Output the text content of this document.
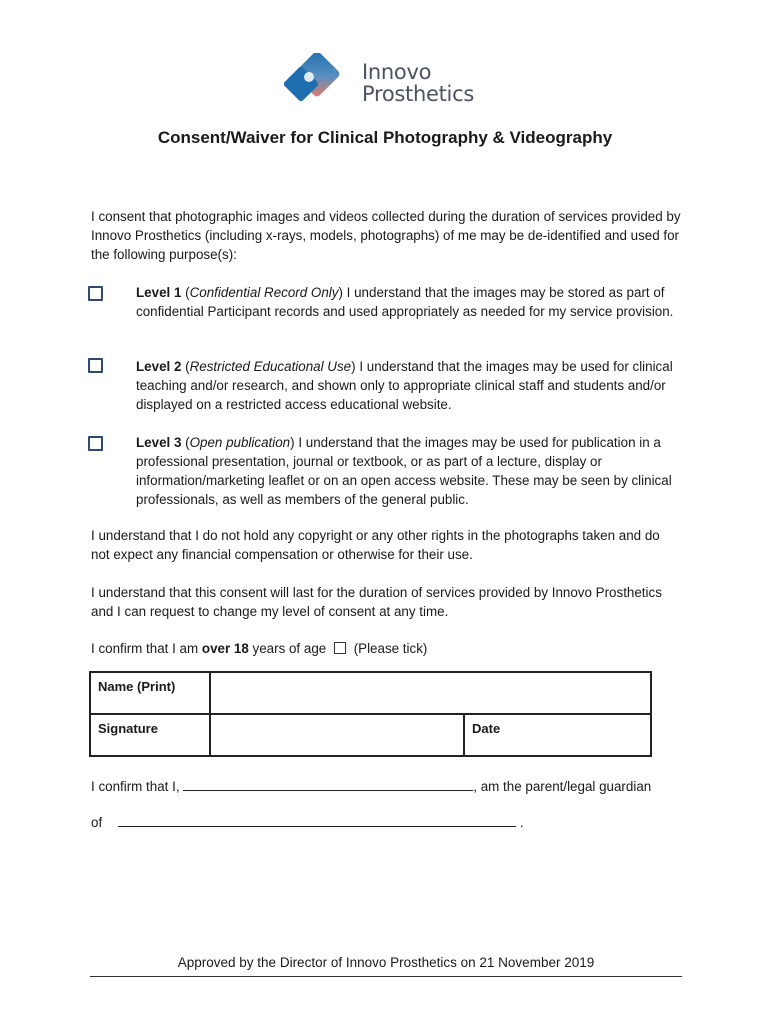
Innovo
Prosthetics
Consent/Waiver for Clinical Photography & Videography
I consent that photographic images and videos collected during the duration of services provided by Innovo Prosthetics (including x-rays, models, photographs) of me may be de-identified and used for the following purpose(s):
Level 1 (Confidential Record Only) I understand that the images may be stored as part of confidential Participant records and used appropriately as needed for my service provision.
Level 2 (Restricted Educational Use) I understand that the images may be used for clinical teaching and/or research, and shown only to appropriate clinical staff and students and/or displayed on a restricted access educational website.
Level 3 (Open publication) I understand that the images may be used for publication in a professional presentation, journal or textbook, or as part of a lecture, display or information/marketing leaflet or on an open access website. These may be seen by clinical professionals, as well as members of the general public.
I understand that I do not hold any copyright or any other rights in the photographs taken and do not expect any financial compensation or otherwise for their use.
I understand that this consent will last for the duration of services provided by Innovo Prosthetics and I can request to change my level of consent at any time.
I confirm that I am over 18 years of age (Please tick)
Name (Print)		
Signature		Date
I confirm that I,	, am the parent/legal guardian
of	.
Approved by the Director of Innovo Prosthetics on 21 November 2019
